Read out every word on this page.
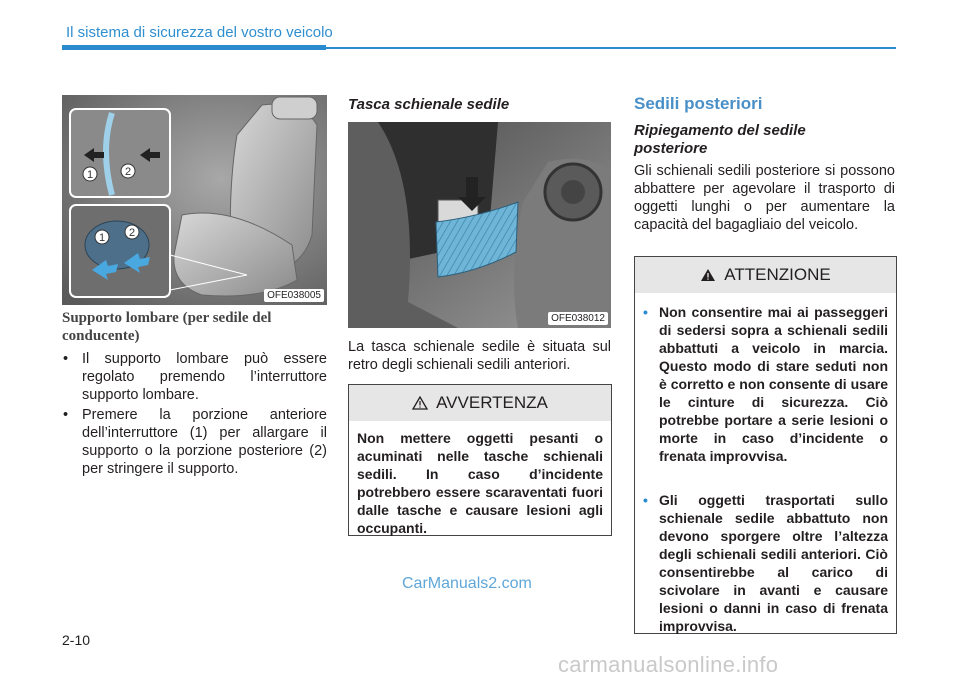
Il sistema di sicurezza del vostro veicolo
1	2
1 2
OFE038005
Supporto lombare (per sedile del conducente)
• Il supporto lombare può essere regolato premendo l’interruttore supporto lombare.
• Premere la porzione anteriore dell’interruttore (1) per allargare il supporto o la porzione posteriore (2) per stringere il supporto.
Tasca schienale sedile
OFE038012
La tasca schienale sedile è situata sul retro degli schienali sedili anteriori.
AVVERTENZA
Non mettere oggetti pesanti o acuminati nelle tasche schienali sedili. In caso d’incidente potrebbero essere scaraventati fuori dalle tasche e causare lesioni agli occupanti.
Sedili posteriori
Ripiegamento del sedile posteriore
Gli schienali sedili posteriore si possono abbattere per agevolare il trasporto di oggetti lunghi o per aumentare la capacità del bagagliaio del veicolo.
ATTENZIONE
• Non consentire mai ai passeggeri di sedersi sopra a schienali sedili abbattuti a veicolo in marcia. Questo modo di stare seduti non è corretto e non consente di usare le cinture di sicurezza. Ciò potrebbe portare a serie lesioni o morte in caso d’incidente o frenata improvvisa.
• Gli oggetti trasportati sullo schienale sedile abbattuto non devono sporgere oltre l’altezza degli schienali sedili anteriori. Ciò consentirebbe al carico di scivolare in avanti e causare lesioni o danni in caso di frenata improvvisa.
CarManuals2.com
2-10
carmanualsonline.info
